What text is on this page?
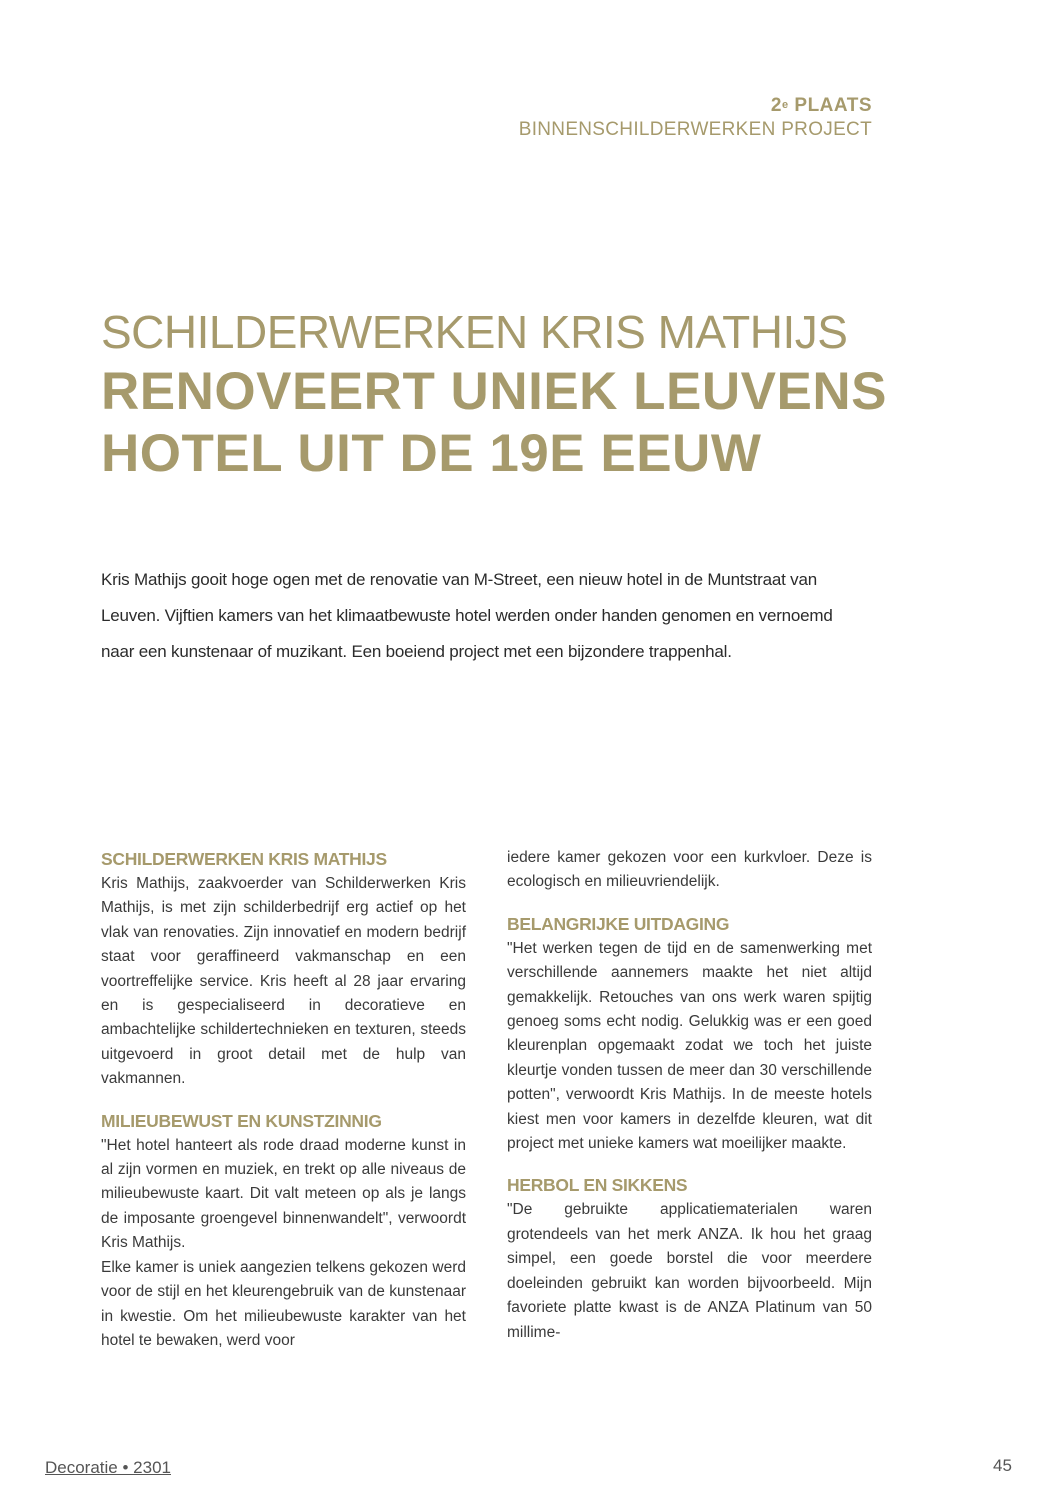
2e PLAATS
BINNENSCHILDERWERKEN PROJECT
SCHILDERWERKEN KRIS MATHIJS
RENOVEERT UNIEK LEUVENS
HOTEL UIT DE 19E EEUW
Kris Mathijs gooit hoge ogen met de renovatie van M-Street, een nieuw hotel in de Muntstraat van Leuven. Vijftien kamers van het klimaatbewuste hotel werden onder handen genomen en vernoemd naar een kunstenaar of muzikant. Een boeiend project met een bijzondere trappenhal.
SCHILDERWERKEN KRIS MATHIJS

Kris Mathijs, zaakvoerder van Schilderwerken Kris Mathijs, is met zijn schilderbedrijf erg actief op het vlak van renovaties. Zijn innovatief en modern bedrijf staat voor geraffineerd vakmanschap en een voortreffelijke service. Kris heeft al 28 jaar ervaring en is gespecialiseerd in decoratieve en ambachtelijke schildertechnieken en texturen, steeds uitgevoerd in groot detail met de hulp van vakmannen.

MILIEUBEWUST EN KUNSTZINNIG

"Het hotel hanteert als rode draad moderne kunst in al zijn vormen en muziek, en trekt op alle niveaus de milieubewuste kaart. Dit valt meteen op als je langs de imposante groengevel binnenwandelt", verwoordt Kris Mathijs.

Elke kamer is uniek aangezien telkens gekozen werd voor de stijl en het kleurengebruik van de kunstenaar in kwestie. Om het milieubewuste karakter van het hotel te bewaken, werd voor

iedere kamer gekozen voor een kurkvloer. Deze is ecologisch en milieuvriendelijk.

BELANGRIJKE UITDAGING

"Het werken tegen de tijd en de samenwerking met verschillende aannemers maakte het niet altijd gemakkelijk. Retouches van ons werk waren spijtig genoeg soms echt nodig. Gelukkig was er een goed kleurenplan opgemaakt zodat we toch het juiste kleurtje vonden tussen de meer dan 30 verschillende potten", verwoordt Kris Mathijs. In de meeste hotels kiest men voor kamers in dezelfde kleuren, wat dit project met unieke kamers wat moeilijker maakte.

HERBOL EN SIKKENS

"De gebruikte applicatiematerialen waren grotendeels van het merk ANZA. Ik hou het graag simpel, een goede borstel die voor meerdere doeleinden gebruikt kan worden bijvoorbeeld. Mijn favoriete platte kwast is de ANZA Platinum van 50 millime-

Decoratie • 2301	45
